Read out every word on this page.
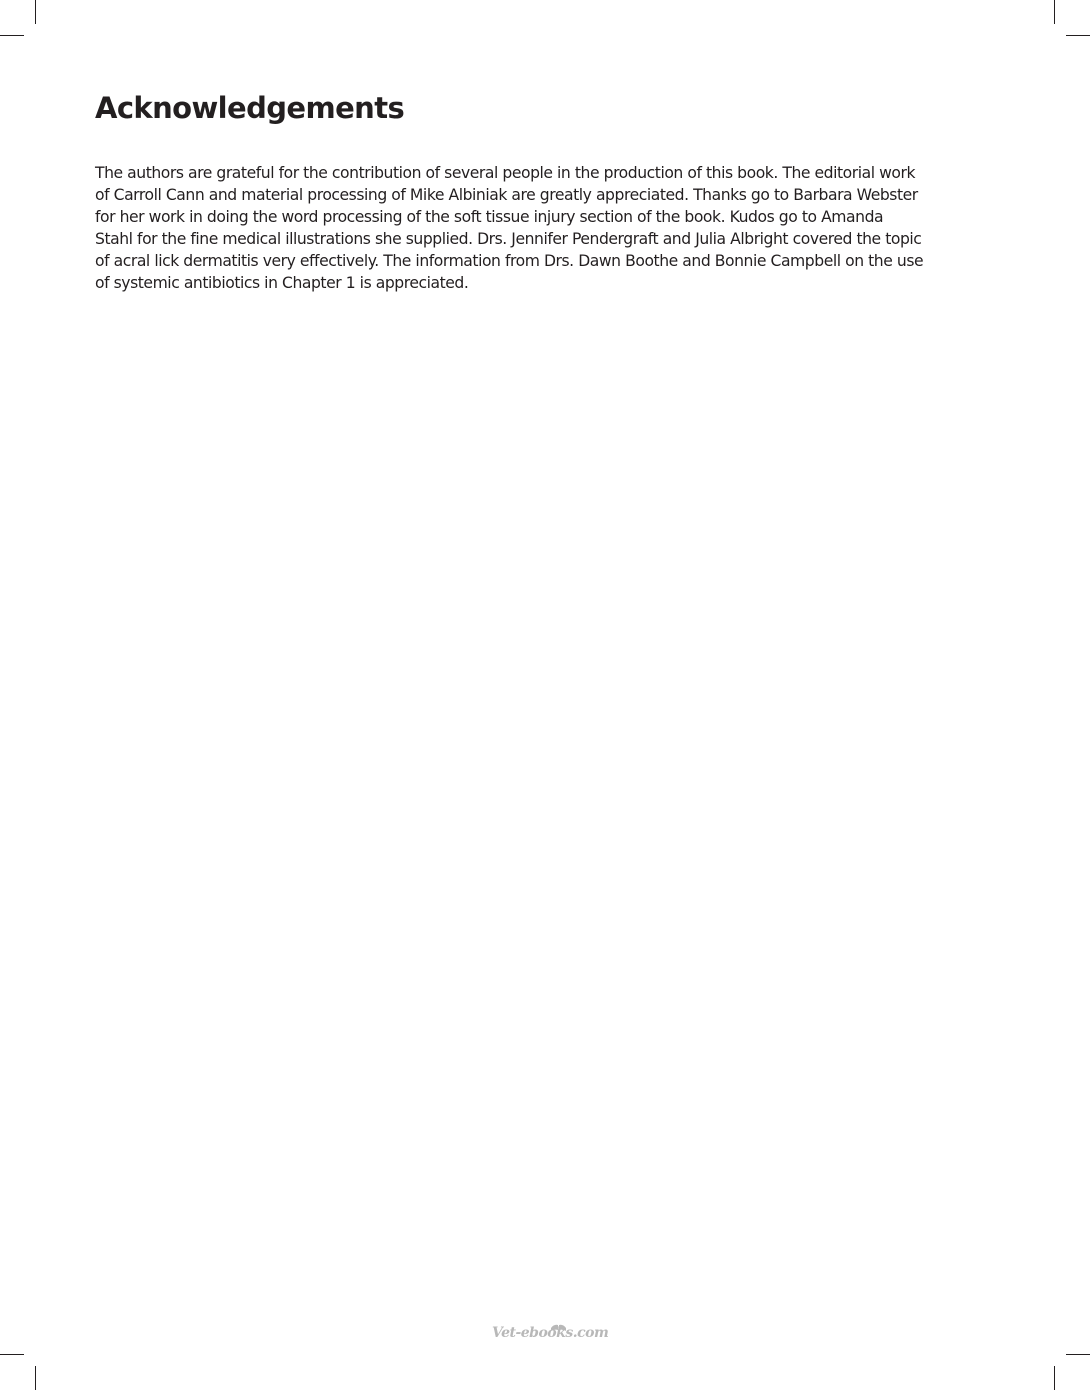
Acknowledgements

The authors are grateful for the contribution of several people in the production of this book. The editorial work
of Carroll Cann and material processing of Mike Albiniak are greatly appreciated. Thanks go to Barbara Webster
for her work in doing the word processing of the soft tissue injury section of the book. Kudos go to Amanda
Stahl for the fine medical illustrations she supplied. Drs. Jennifer Pendergraft and Julia Albright covered the topic
of acral lick dermatitis very effectively. The information from Drs. Dawn Boothe and Bonnie Campbell on the use
of systemic antibiotics in Chapter 1 is appreciated.

Vet-ebooks.com
